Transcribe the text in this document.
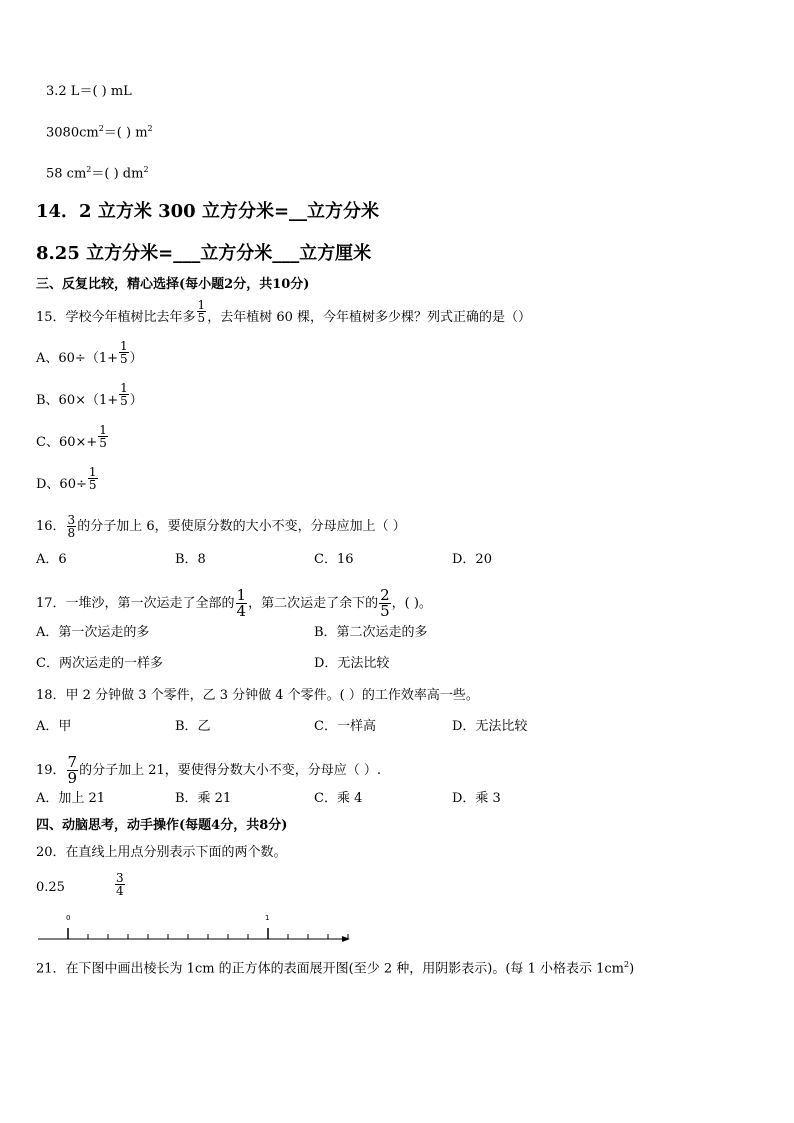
3.2 L＝( ) mL
$3080cm^2=$( ) $m^2$
58 $cm^2=$( ) $dm^2$
14．2 立方米 300 立方分米=__立方分米
8.25 立方分米=___立方分米___立方厘米
三、反复比较，精心选择(每小题2分，共10分)
15．学校今年植树比去年多 $\frac{1}{5}$ ，去年植树 60 棵，今年植树多少棵？列式正确的是（）
A、$60\div(1+ \frac{1}{5}$ ）
B、$60\times(1+ \frac{1}{5}$ ）
C、$60\times+ \frac{1}{5}$
D、$60\div \frac{1}{5}$
16． $\frac{3}{8}$ 的分子加上 6，要使原分数的大小不变，分母应加上（ ）
A．6	B．8	C．16	D．20
17．一堆沙，第一次运走了全部的 $\frac{1}{4}$ ，第二次运走了余下的 $\frac{2}{5}$ ，( )。
A．第一次运走的多	B．第二次运走的多
C．两次运走的一样多	D．无法比较
18．甲 2 分钟做 3 个零件，乙 3 分钟做 4 个零件。( ）的工作效率高一些。
A．甲	B．乙	C．一样高	D．无法比较
19． $\frac{7}{9}$ 的分子加上 21，要使得分数大小不变，分母应（ ）.
A．加上 21	B．乘 21	C．乘 4	D．乘 3
四、动脑思考，动手操作(每题4分，共8分)
20．在直线上用点分别表示下面的两个数。
0.25	$\frac{3}{4}$
0	1
21．在下图中画出棱长为 1cm 的正方体的表面展开图(至少 2 种，用阴影表示)。(每 1 小格表示 $1cm^2$)
